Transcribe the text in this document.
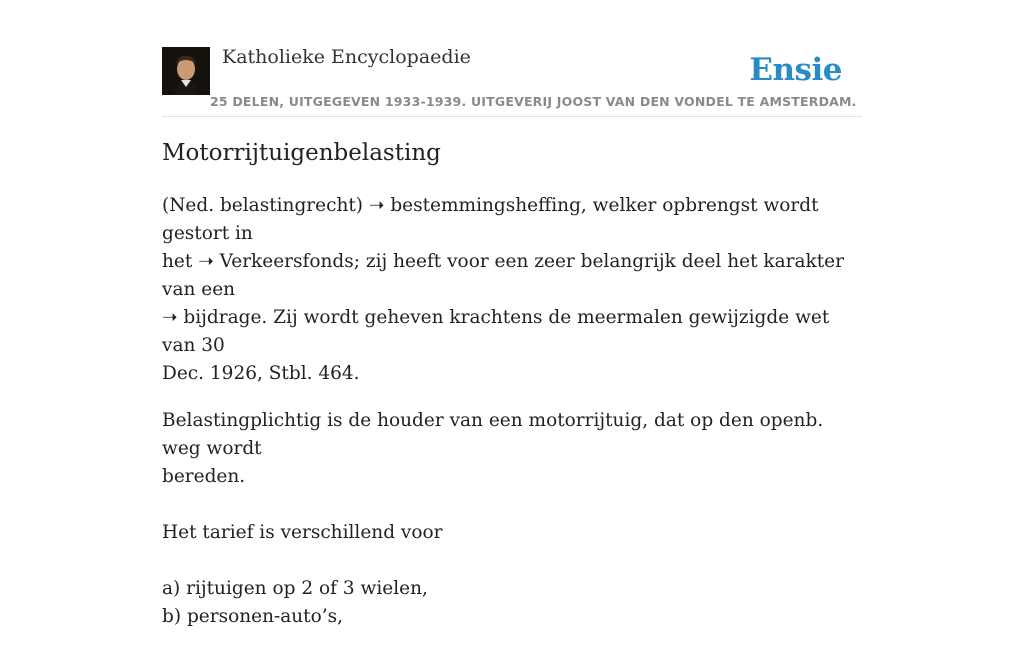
Katholieke Encyclopaedie
25 DELEN, UITGEGEVEN 1933-1939. UITGEVERIJ JOOST VAN DEN VONDEL TE AMSTERDAM.
Ensie
Motorrijtuigenbelasting

(Ned. belastingrecht) ➝ bestemmingsheffing, welker opbrengst wordt gestort in
het ➝ Verkeersfonds; zij heeft voor een zeer belangrijk deel het karakter van een
➝ bijdrage. Zij wordt geheven krachtens de meermalen gewijzigde wet van 30
Dec. 1926, Stbl. 464.

Belastingplichtig is de houder van een motorrijtuig, dat op den openb. weg wordt
bereden.
Het tarief is verschillend voor
a) rijtuigen op 2 of 3 wielen,
b) personen-auto’s,
